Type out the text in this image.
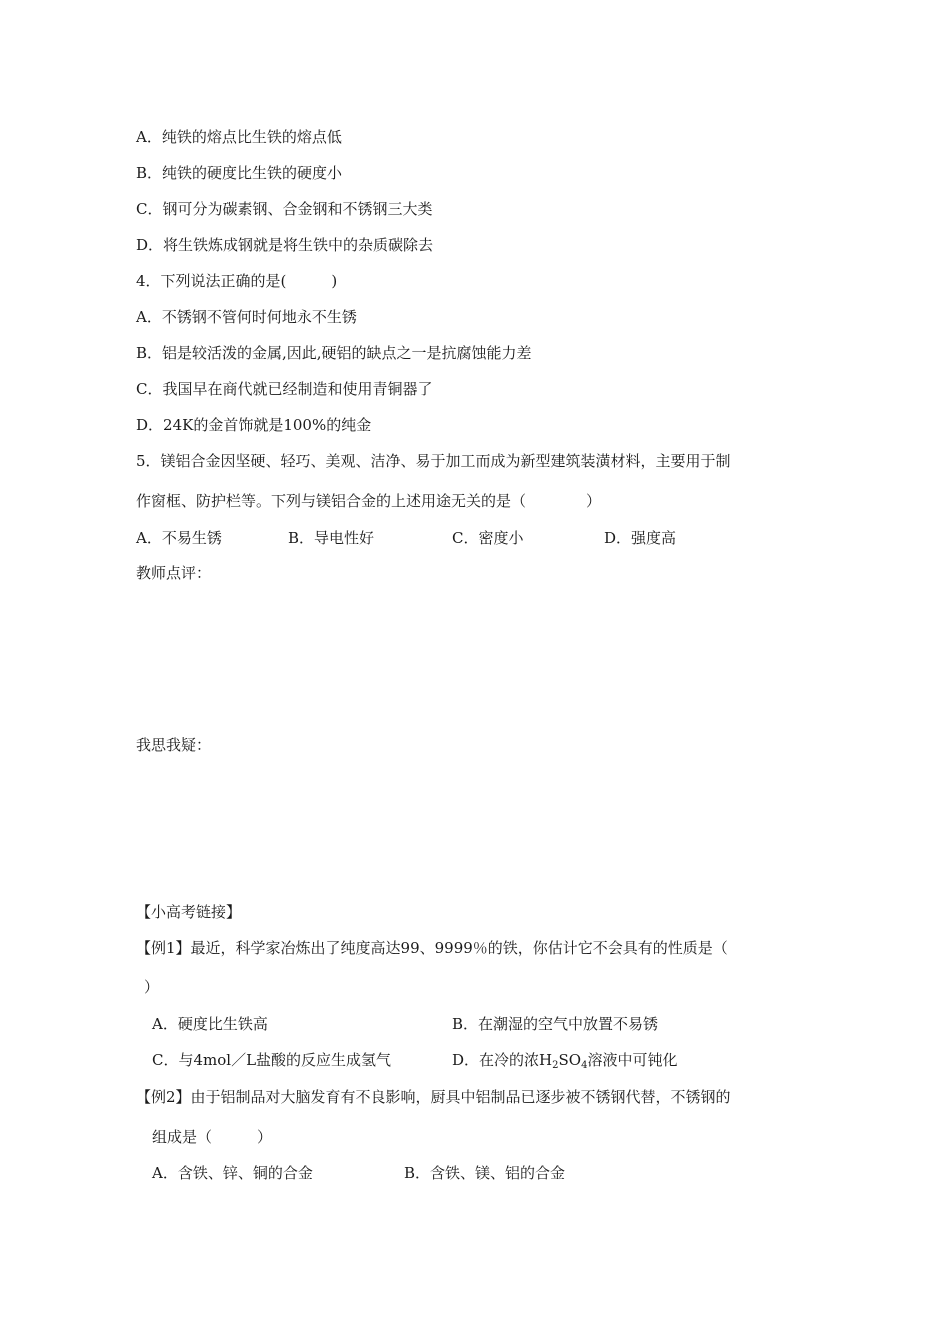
A．纯铁的熔点比生铁的熔点低
B．纯铁的硬度比生铁的硬度小
C．钢可分为碳素钢、合金钢和不锈钢三大类
D．将生铁炼成钢就是将生铁中的杂质碳除去
4．下列说法正确的是(　　　)
A．不锈钢不管何时何地永不生锈
B．铝是较活泼的金属,因此,硬铝的缺点之一是抗腐蚀能力差
C．我国早在商代就已经制造和使用青铜器了
D．24K的金首饰就是100%的纯金
5．镁铝合金因坚硬、轻巧、美观、洁净、易于加工而成为新型建筑装潢材料，主要用于制
作窗框、防护栏等。下列与镁铝合金的上述用途无关的是（　　　　）
A．不易生锈	B．导电性好	C．密度小	D．强度高
教师点评：
我思我疑：
【小高考链接】
【例1】最近，科学家冶炼出了纯度高达99、9999％的铁，你估计它不会具有的性质是（
）
A．硬度比生铁高	B．在潮湿的空气中放置不易锈
C．与4mol／L盐酸的反应生成氢气	D．在冷的浓$H_2SO_4$溶液中可钝化
【例2】由于铝制品对大脑发育有不良影响，厨具中铝制品已逐步被不锈钢代替，不锈钢的
组成是（　　　）
A．含铁、锌、铜的合金	B．含铁、镁、铝的合金
